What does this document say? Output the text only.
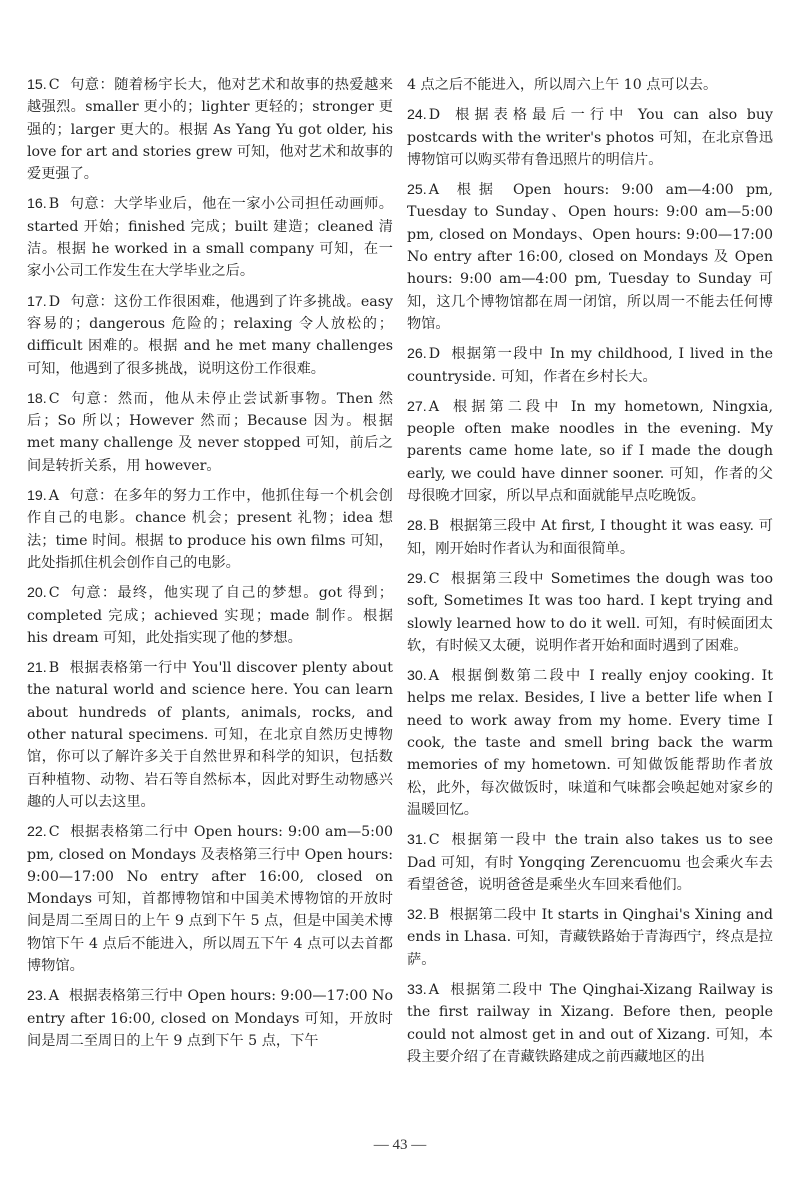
15. C 句意：随着杨宇长大，他对艺术和故事的热爱越来越强烈。smaller 更小的；lighter 更轻的；stronger 更强的；larger 更大的。根据 As Yang Yu got older, his love for art and stories grew 可知，他对艺术和故事的爱更强了。

16. B 句意：大学毕业后，他在一家小公司担任动画师。started 开始；finished 完成；built 建造；cleaned 清洁。根据 he worked in a small company 可知，在一家小公司工作发生在大学毕业之后。

17. D 句意：这份工作很困难，他遇到了许多挑战。easy 容易的；dangerous 危险的；relaxing 令人放松的；difficult 困难的。根据 and he met many challenges 可知，他遇到了很多挑战，说明这份工作很难。

18. C 句意：然而，他从未停止尝试新事物。Then 然后；So 所以；However 然而；Because 因为。根据 met many challenge 及 never stopped 可知，前后之间是转折关系，用 however。

19. A 句意：在多年的努力工作中，他抓住每一个机会创作自己的电影。chance 机会；present 礼物；idea 想法；time 时间。根据 to produce his own films 可知，此处指抓住机会创作自己的电影。

20. C 句意：最终，他实现了自己的梦想。got 得到；completed 完成；achieved 实现；made 制作。根据 his dream 可知，此处指实现了他的梦想。

21. B 根据表格第一行中 You'll discover plenty about the natural world and science here. You can learn about hundreds of plants, animals, rocks, and other natural specimens. 可知，在北京自然历史博物馆，你可以了解许多关于自然世界和科学的知识，包括数百种植物、动物、岩石等自然标本，因此对野生动物感兴趣的人可以去这里。

22. C 根据表格第二行中 Open hours: 9:00 am—5:00 pm, closed on Mondays 及表格第三行中 Open hours: 9:00—17:00 No entry after 16:00, closed on Mondays 可知，首都博物馆和中国美术博物馆的开放时间是周二至周日的上午 9 点到下午 5 点，但是中国美术博物馆下午 4 点后不能进入，所以周五下午 4 点可以去首都博物馆。

23. A 根据表格第三行中 Open hours: 9:00—17:00 No entry after 16:00, closed on Mondays 可知，开放时间是周二至周日的上午 9 点到下午 5 点，下午

4 点之后不能进入，所以周六上午 10 点可以去。

24. D 根据表格最后一行中 You can also buy postcards with the writer's photos 可知，在北京鲁迅博物馆可以购买带有鲁迅照片的明信片。

25. A 根据 Open hours: 9:00 am—4:00 pm, Tuesday to Sunday、Open hours: 9:00 am—5:00 pm, closed on Mondays、Open hours: 9:00—17:00 No entry after 16:00, closed on Mondays 及 Open hours: 9:00 am—4:00 pm, Tuesday to Sunday 可知，这几个博物馆都在周一闭馆，所以周一不能去任何博物馆。

26. D 根据第一段中 In my childhood, I lived in the countryside. 可知，作者在乡村长大。

27. A 根据第二段中 In my hometown, Ningxia, people often make noodles in the evening. My parents came home late, so if I made the dough early, we could have dinner sooner. 可知，作者的父母很晚才回家，所以早点和面就能早点吃晚饭。

28. B 根据第三段中 At first, I thought it was easy. 可知，刚开始时作者认为和面很简单。

29. C 根据第三段中 Sometimes the dough was too soft, Sometimes It was too hard. I kept trying and slowly learned how to do it well. 可知，有时候面团太软，有时候又太硬，说明作者开始和面时遇到了困难。

30. A 根据倒数第二段中 I really enjoy cooking. It helps me relax. Besides, I live a better life when I need to work away from my home. Every time I cook, the taste and smell bring back the warm memories of my hometown. 可知做饭能帮助作者放松，此外，每次做饭时，味道和气味都会唤起她对家乡的温暖回忆。

31. C 根据第一段中 the train also takes us to see Dad 可知，有时 Yongqing Zerencuomu 也会乘火车去看望爸爸，说明爸爸是乘坐火车回来看他们。

32. B 根据第二段中 It starts in Qinghai's Xining and ends in Lhasa. 可知，青藏铁路始于青海西宁，终点是拉萨。

33. A 根据第二段中 The Qinghai-Xizang Railway is the first railway in Xizang. Before then, people could not almost get in and out of Xizang. 可知，本段主要介绍了在青藏铁路建成之前西藏地区的出

— 43 —
